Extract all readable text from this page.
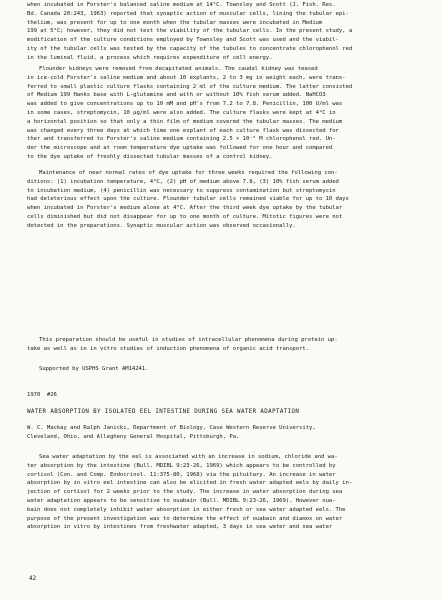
when incubated in Forster's balanced saline medium at 14°C. Townsley and Scott (J. Fish. Res.
Bd. Canada 20:243, 1963) reported that synaptic action of muscular cells, lining the tubular epi-
thelium, was present for up to one month when the tubular masses were incubated in Medium
199 at 5°C; however, they did not test the viability of the tubular cells. In the present study, a
modification of the culture conditions employed by Townsley and Scott was used and the viabil-
ity of the tubular cells was tested by the capacity of the tubules to concentrate chlorophenol red
in the luminal fluid, a process which requires expenditure of cell energy.
Flounder kidneys were removed from decapitated animals. The caudal kidney was teased
in ice-cold Forster's saline medium and about 10 explants, 2 to 3 mg in weight each, were trans-
ferred to small plastic culture flasks containing 2 ml of the culture medium. The latter consisted
of Medium 199 Hanks base with L-glutamine and with or without 10% fish serum added. NaHCO3
was added to give concentrations up to 10 mM and pH's from 7.2 to 7.8. Penicillin, 100 U/ml was
in some cases, streptomycin, 10 μg/ml were also added. The culture flasks were kept at 4°C in
a horizontal position so that only a thin film of medium covered the tubular masses. The medium
was changed every three days at which time one explant of each culture flask was dissected for
ther and transferred to Forster's saline medium containing 2.5 × 10⁻⁵ M chlorophenol red. Un-
der the microscope and at room temperature dye uptake was followed for one hour and compared
to the dye uptake of freshly dissected tubular masses of a control kidney.
Maintenance of near normal rates of dye uptake for three weeks required the following con-
ditions: (1) incubation temperature, 4°C, (2) pH of medium above 7.8, (3) 10% fish serum added
to incubation medium, (4) penicillin was necessary to suppress contamination but streptomycin
had deleterious effect upon the culture. Flounder tubular cells remained viable for up to 10 days
when incubated in Forster's medium alone at 4°C. After the third week dye uptake by the tubular
cells diminished but did not disappear for up to one month of culture. Mitotic figures were not
detected in the preparations. Synaptic muscular action was observed occasionally.
This preparation should be useful in studies of intracellular phenomena during protein up-
take as well as in in vitro studies of induction phenomena of organic acid transport.
Supported by USPHS Grant AM14241.
1970  #26
WATER ABSORPTION BY ISOLATED EEL INTESTINE DURING SEA WATER ADAPTATION
W. C. Mackay and Ralph Janicki, Department of Biology, Case Western Reserve University,
Cleveland, Ohio, and Allegheny General Hospital, Pittsburgh, Pa.
Sea water adaptation by the eel is associated with an increase in sodium, chloride and wa-
ter absorption by the intestine (Bull. MDIBL 9:23-26, 1969) which appears to be controlled by
cortisol (Con. and Comp. Endocrinol. 11:375-80, 1968) via the pituitary. An increase in water
absorption by in vitro eel intestine can also be elicited in fresh water adapted eels by daily in-
jection of cortisol for 2 weeks prior to the study. The increase in water absorption during sea
water adaptation appears to be sensitive to ouabain (Bull. MDIBL 9:23-26, 1969). However oua-
bain does not completely inhibit water absorption in either fresh or sea water adapted eels. The
purpose of the present investigation was to determine the effect of ouabain and diamox on water
absorption in vitro by intestines from freshwater adapted, 3 days in sea water and sea water
42
